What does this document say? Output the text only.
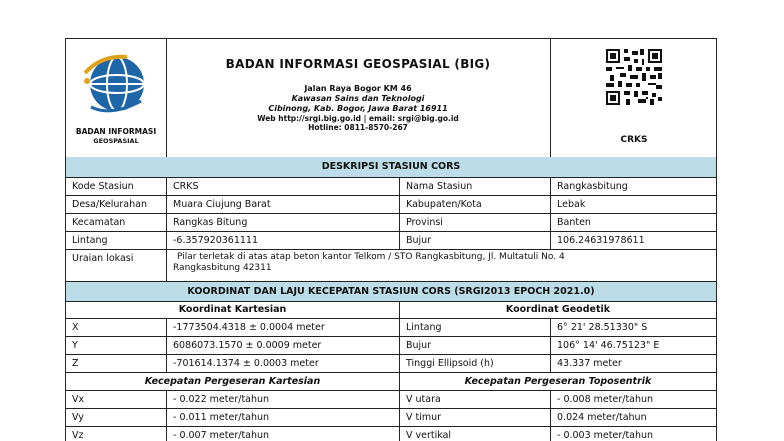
BADAN INFORMASI
GEOSPASIAL
BADAN INFORMASI GEOSPASIAL (BIG)
Jalan Raya Bogor KM 46
Kawasan Sains dan Teknologi
Cibinong, Kab. Bogor, Jawa Barat 16911
Web http://srgi.big.go.id | email: srgi@big.go.id
Hotline: 0811-8570-267
CRKS
DESKRIPSI STASIUN CORS
Kode Stasiun	CRKS	Nama Stasiun	Rangkasbitung
Desa/Kelurahan	Muara Ciujung Barat	Kabupaten/Kota	Lebak
Kecamatan	Rangkas Bitung	Provinsi	Banten
Lintang	-6.357920361111	Bujur	106.24631978611
Uraian lokasi	Pilar terletak di atas atap beton kantor Telkom / STO Rangkasbitung, Jl. Multatuli No. 4
Rangkasbitung 42311
KOORDINAT DAN LAJU KECEPATAN STASIUN CORS (SRGI2013 EPOCH 2021.0)
Koordinat Kartesian	Koordinat Geodetik
X	-1773504.4318 ± 0.0004 meter	Lintang	6° 21' 28.51330" S
Y	6086073.1570 ± 0.0009 meter	Bujur	106° 14' 46.75123" E
Z	-701614.1374 ± 0.0003 meter	Tinggi Ellipsoid (h)	43.337 meter
Kecepatan Pergeseran Kartesian	Kecepatan Pergeseran Toposentrik
Vx	- 0.022 meter/tahun	V utara	- 0.008 meter/tahun
Vy	- 0.011 meter/tahun	V timur	0.024 meter/tahun
Vz	- 0.007 meter/tahun	V vertikal	- 0.003 meter/tahun
